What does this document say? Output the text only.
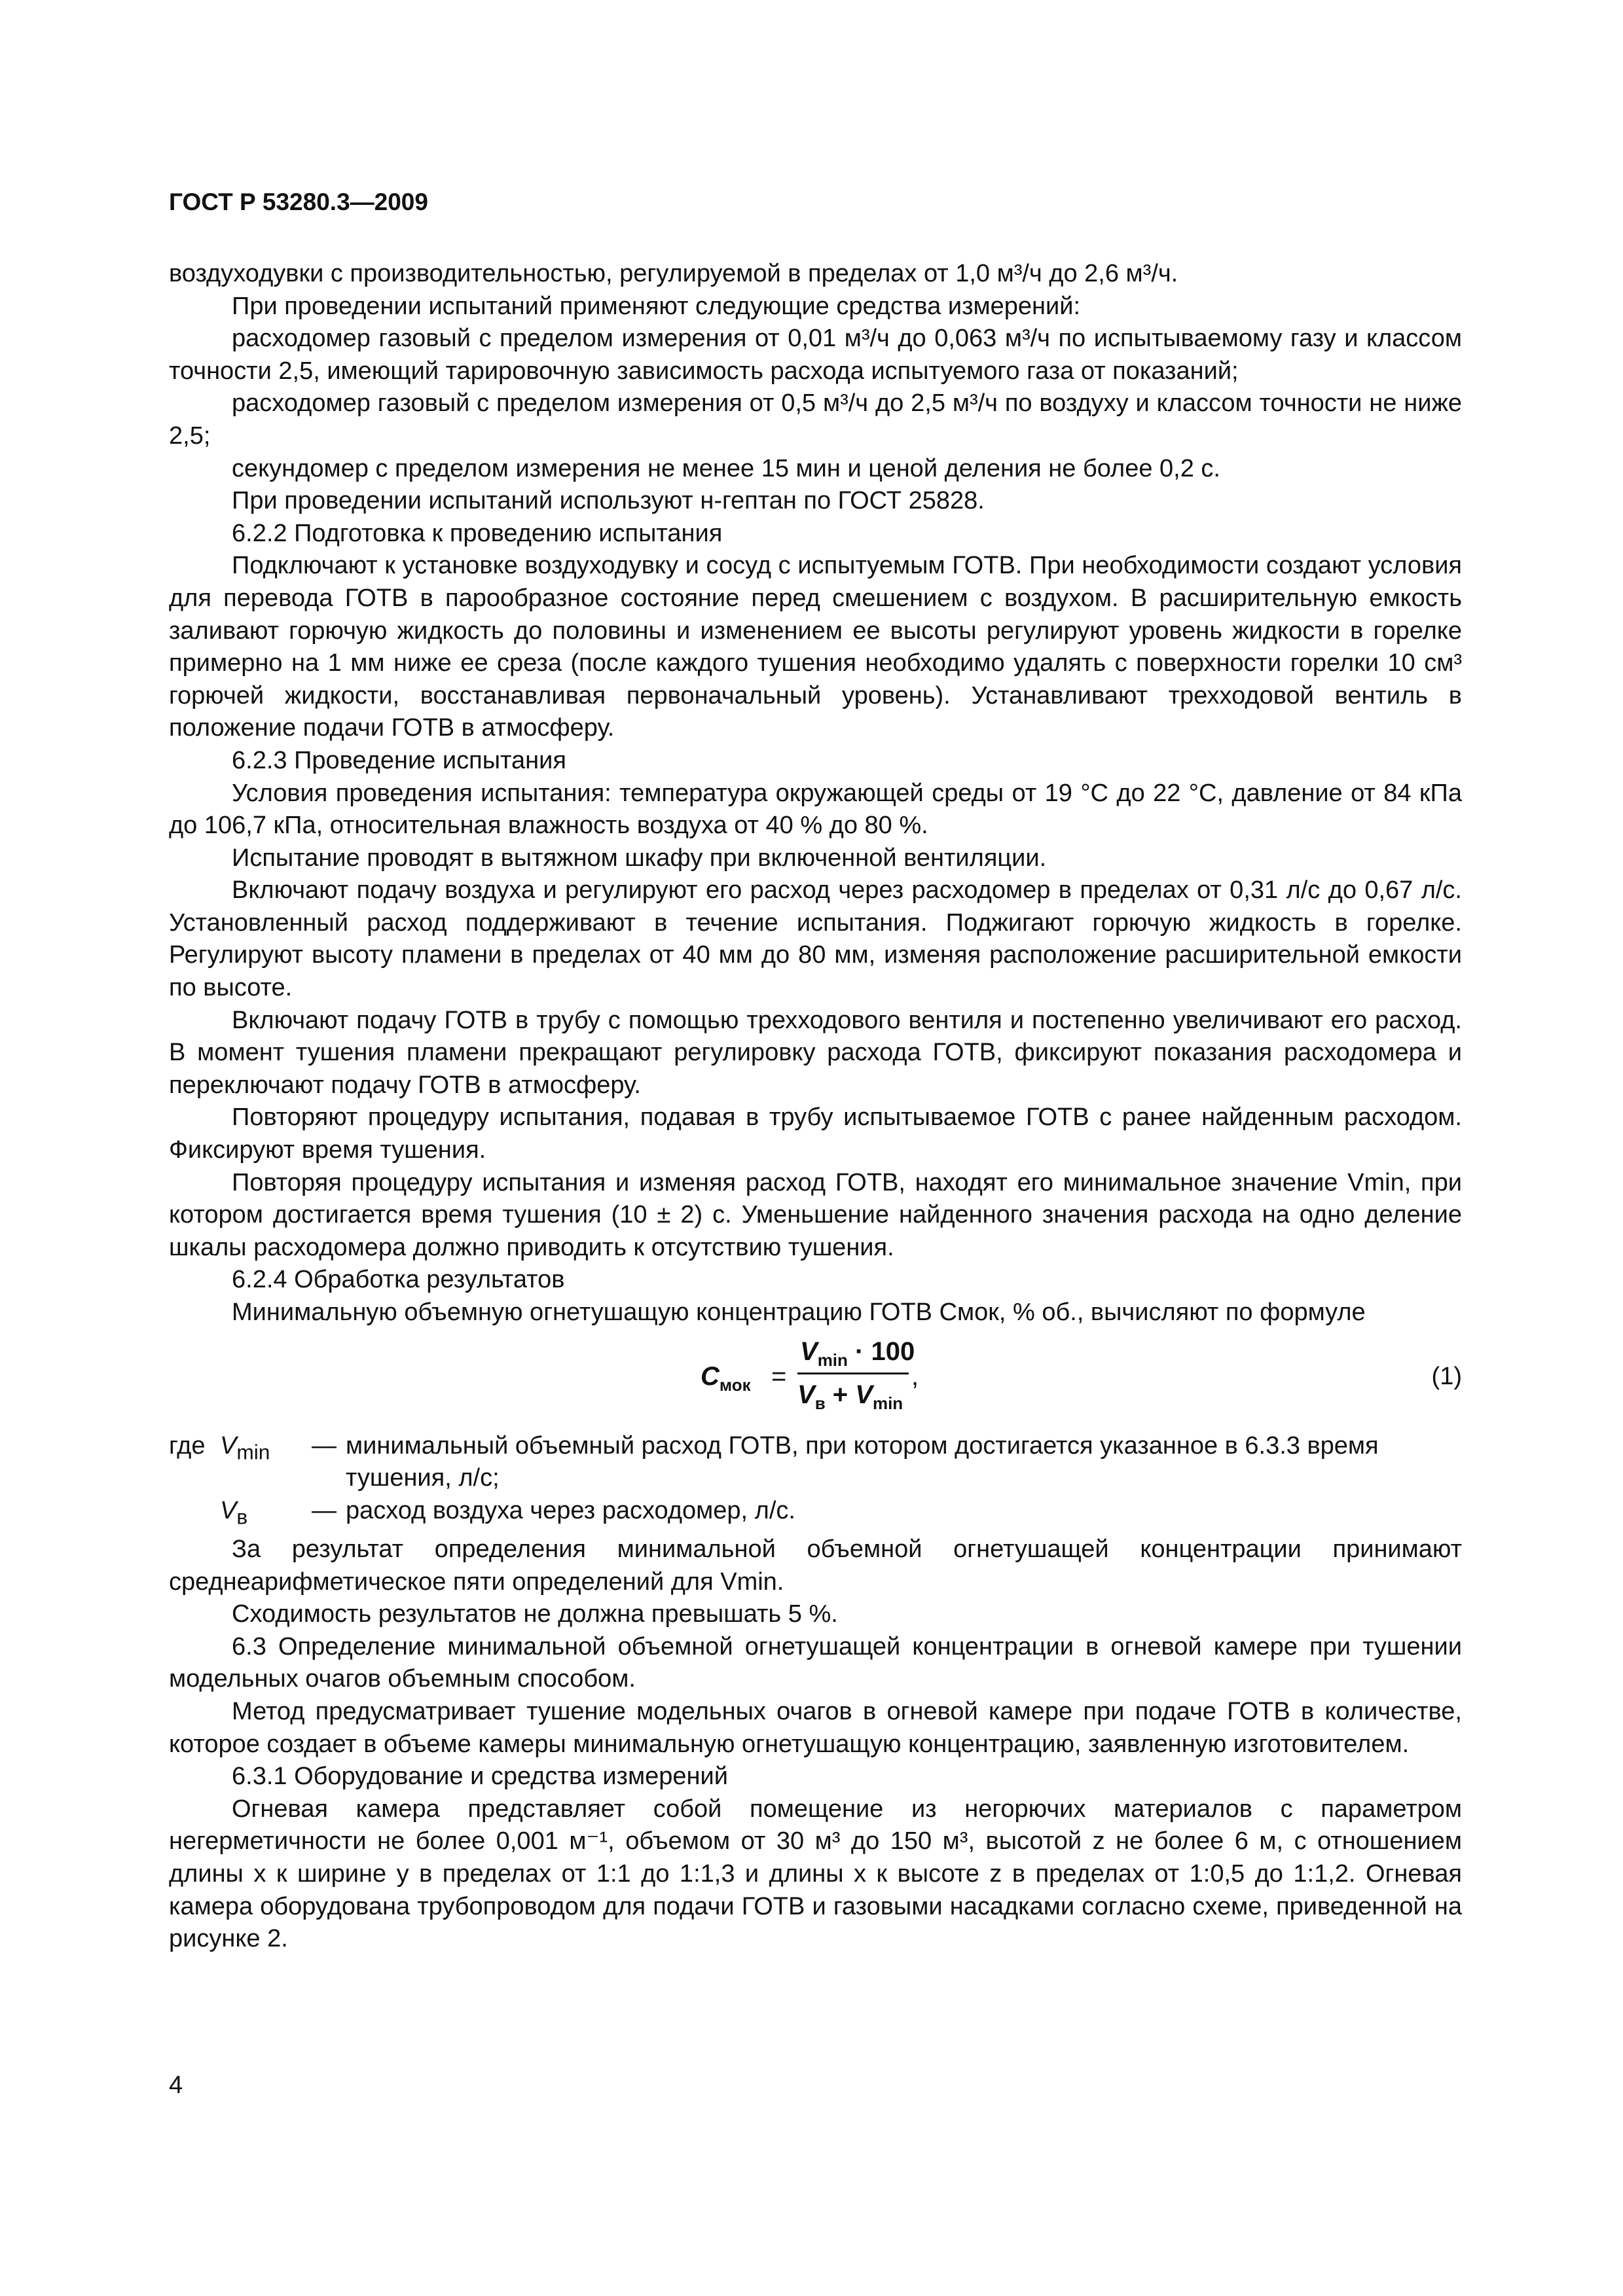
ГОСТ Р 53280.3—2009

воздуходувки с производительностью, регулируемой в пределах от 1,0 м³/ч до 2,6 м³/ч.

При проведении испытаний применяют следующие средства измерений:

расходомер газовый с пределом измерения от 0,01 м³/ч до 0,063 м³/ч по испытываемому газу и классом точности 2,5, имеющий тарировочную зависимость расхода испытуемого газа от показаний;

расходомер газовый с пределом измерения от 0,5 м³/ч до 2,5 м³/ч по воздуху и классом точности не ниже 2,5;

секундомер с пределом измерения не менее 15 мин и ценой деления не более 0,2 с.

При проведении испытаний используют н-гептан по ГОСТ 25828.

6.2.2 Подготовка к проведению испытания

Подключают к установке воздуходувку и сосуд с испытуемым ГОТВ. При необходимости создают условия для перевода ГОТВ в парообразное состояние перед смешением с воздухом. В расширительную емкость заливают горючую жидкость до половины и изменением ее высоты регулируют уровень жидкости в горелке примерно на 1 мм ниже ее среза (после каждого тушения необходимо удалять с поверхности горелки 10 см³ горючей жидкости, восстанавливая первоначальный уровень). Устанавливают трехходовой вентиль в положение подачи ГОТВ в атмосферу.

6.2.3 Проведение испытания

Условия проведения испытания: температура окружающей среды от 19 °С до 22 °С, давление от 84 кПа до 106,7 кПа, относительная влажность воздуха от 40 % до 80 %.

Испытание проводят в вытяжном шкафу при включенной вентиляции.

Включают подачу воздуха и регулируют его расход через расходомер в пределах от 0,31 л/с до 0,67 л/с. Установленный расход поддерживают в течение испытания. Поджигают горючую жидкость в горелке. Регулируют высоту пламени в пределах от 40 мм до 80 мм, изменяя расположение расширительной емкости по высоте.

Включают подачу ГОТВ в трубу с помощью трехходового вентиля и постепенно увеличивают его расход. В момент тушения пламени прекращают регулировку расхода ГОТВ, фиксируют показания расходомера и переключают подачу ГОТВ в атмосферу.

Повторяют процедуру испытания, подавая в трубу испытываемое ГОТВ с ранее найденным расходом. Фиксируют время тушения.

Повторяя процедуру испытания и изменяя расход ГОТВ, находят его минимальное значение Vmin, при котором достигается время тушения (10 ± 2) с. Уменьшение найденного значения расхода на одно деление шкалы расходомера должно приводить к отсутствию тушения.

6.2.4 Обработка результатов

Минимальную объемную огнетушащую концентрацию ГОТВ Смок, % об., вычисляют по формуле

$С_{мок}$ =
$V_{min} \cdot 100$
$V_в + V_{min}$
,	(1)
где $V_{min}$	— минимальный объемный расход ГОТВ, при котором достигается указанное в 6.3.3 время тушения, л/с;
$V_в$	— расход воздуха через расходомер, л/с.

За результат определения минимальной объемной огнетушащей концентрации принимают среднеарифметическое пяти определений для Vmin.

Сходимость результатов не должна превышать 5 %.

6.3 Определение минимальной объемной огнетушащей концентрации в огневой камере при тушении модельных очагов объемным способом.

Метод предусматривает тушение модельных очагов в огневой камере при подаче ГОТВ в количестве, которое создает в объеме камеры минимальную огнетушащую концентрацию, заявленную изготовителем.

6.3.1 Оборудование и средства измерений

Огневая камера представляет собой помещение из негорючих материалов с параметром негерметичности не более 0,001 м⁻¹, объемом от 30 м³ до 150 м³, высотой z не более 6 м, с отношением длины x к ширине y в пределах от 1:1 до 1:1,3 и длины x к высоте z в пределах от 1:0,5 до 1:1,2. Огневая камера оборудована трубопроводом для подачи ГОТВ и газовыми насадками согласно схеме, приведенной на рисунке 2.

4
